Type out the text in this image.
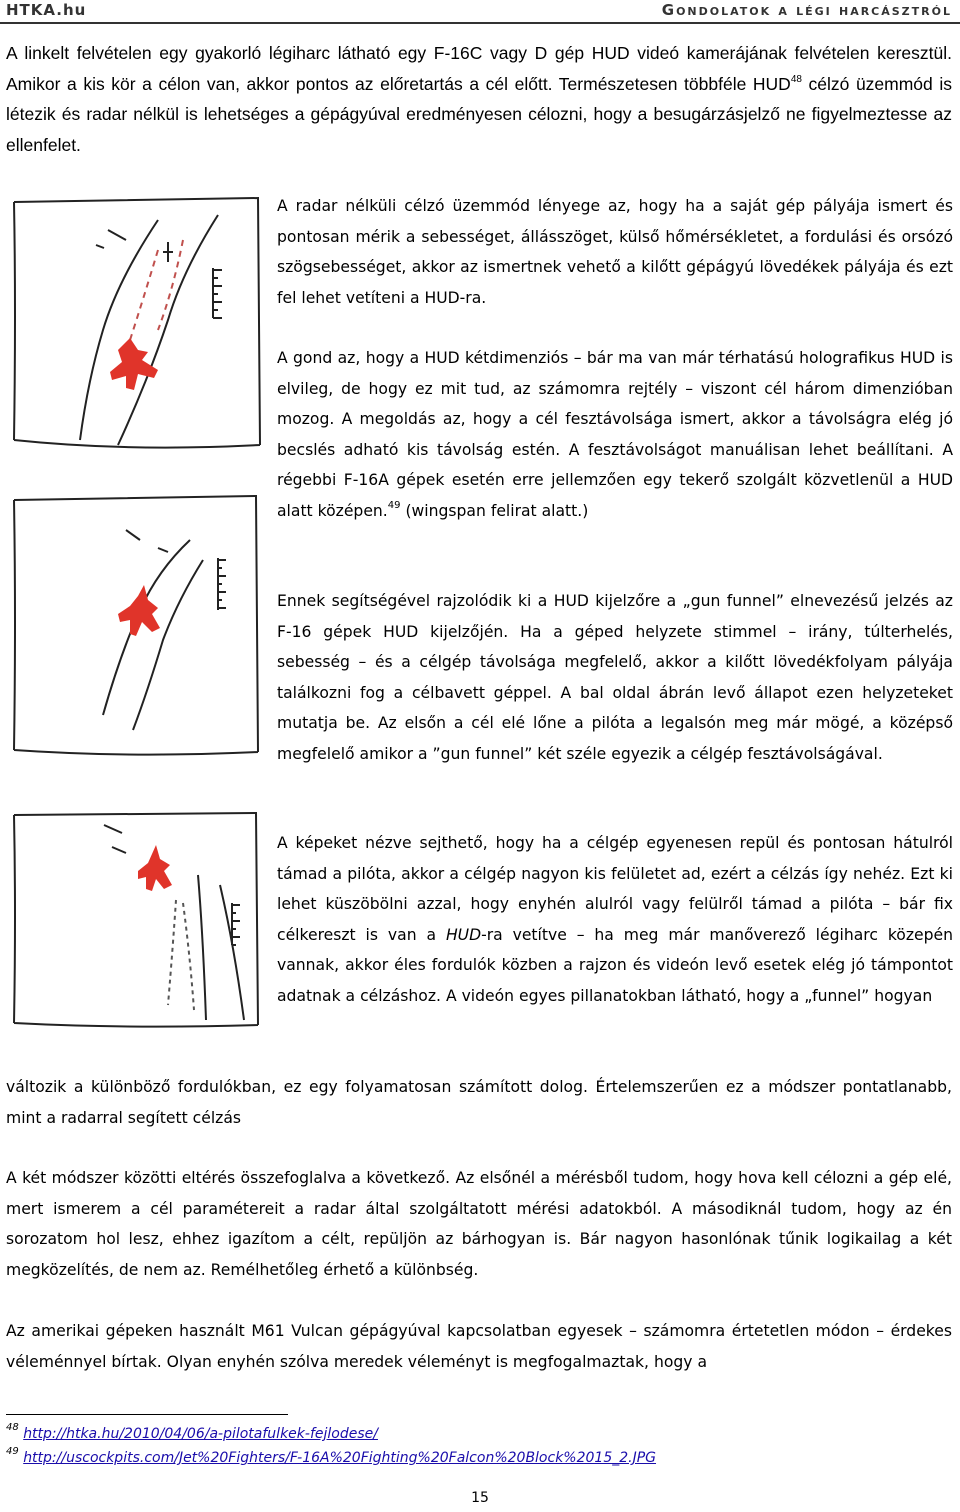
HTKA.hu	Gondolatok a légi harcásztról

A linkelt felvételen egy gyakorló légiharc látható egy F-16C vagy D gép HUD videó kamerájának felvételen keresztül. Amikor a kis kör a célon van, akkor pontos az előretartás a cél előtt. Természetesen többféle HUD$^{48}$ célzó üzemmód is létezik és radar nélkül is lehetséges a gépágyúval eredményesen célozni, hogy a besugárzásjelző ne figyelmeztesse az ellenfelet.

A radar nélküli célzó üzemmód lényege az, hogy ha a saját gép pályája ismert és pontosan mérik a sebességet, állásszöget, külső hőmérsékletet, a fordulási és orsózó szögsebességet, akkor az ismertnek vehető a kilőtt gépágyú lövedékek pályája és ezt fel lehet vetíteni a HUD-ra.

A gond az, hogy a HUD kétdimenziós – bár ma van már térhatású holografikus HUD is elvileg, de hogy ez mit tud, az számomra rejtély – viszont cél három dimenzióban mozog. A megoldás az, hogy a cél fesztávolsága ismert, akkor a távolságra elég jó becslés adható kis távolság estén. A fesztávolságot manuálisan lehet beállítani. A régebbi F-16A gépek esetén erre jellemzően egy tekerő szolgált közvetlenül a HUD alatt középen.$^{49}$ (wingspan felirat alatt.)

Ennek segítségével rajzolódik ki a HUD kijelzőre a „gun funnel” elnevezésű jelzés az F-16 gépek HUD kijelzőjén. Ha a géped helyzete stimmel – irány, túlterhelés, sebesség – és a célgép távolsága megfelelő, akkor a kilőtt lövedékfolyam pályája találkozni fog a célbavett géppel. A bal oldal ábrán levő állapot ezen helyzeteket mutatja be. Az elsőn a cél elé lőne a pilóta a legalsón meg már mögé, a középső megfelelő amikor a ”gun funnel” két széle egyezik a célgép fesztávolságával.

A képeket nézve sejthető, hogy ha a célgép egyenesen repül és pontosan hátulról támad a pilóta, akkor a célgép nagyon kis felületet ad, ezért a célzás így nehéz. Ezt ki lehet küszöbölni azzal, hogy enyhén alulról vagy felülről támad a pilóta – bár fix célkereszt is van a HUD-ra vetítve – ha meg már manőverező légiharc közepén vannak, akkor éles fordulók közben a rajzon és videón levő esetek elég jó támpontot adatnak a célzáshoz. A videón egyes pillanatokban látható, hogy a „funnel” hogyan

változik a különböző fordulókban, ez egy folyamatosan számított dolog. Értelemszerűen ez a módszer pontatlanabb, mint a radarral segített célzás

A két módszer közötti eltérés összefoglalva a következő. Az elsőnél a mérésből tudom, hogy hova kell célozni a gép elé, mert ismerem a cél paramétereit a radar által szolgáltatott mérési adatokból. A másodiknál tudom, hogy az én sorozatom hol lesz, ehhez igazítom a célt, repüljön az bárhogyan is. Bár nagyon hasonlónak tűnik logikailag a két megközelítés, de nem az. Remélhetőleg érhető a különbség.

Az amerikai gépeken használt M61 Vulcan gépágyúval kapcsolatban egyesek – számomra értetetlen módon – érdekes véleménnyel bírtak. Olyan enyhén szólva meredek véleményt is megfogalmaztak, hogy a

$^{48}$ http://htka.hu/2010/04/06/a-pilotafulkek-fejlodese/
$^{49}$ http://uscockpits.com/Jet%20Fighters/F-16A%20Fighting%20Falcon%20Block%2015_2.JPG
15
